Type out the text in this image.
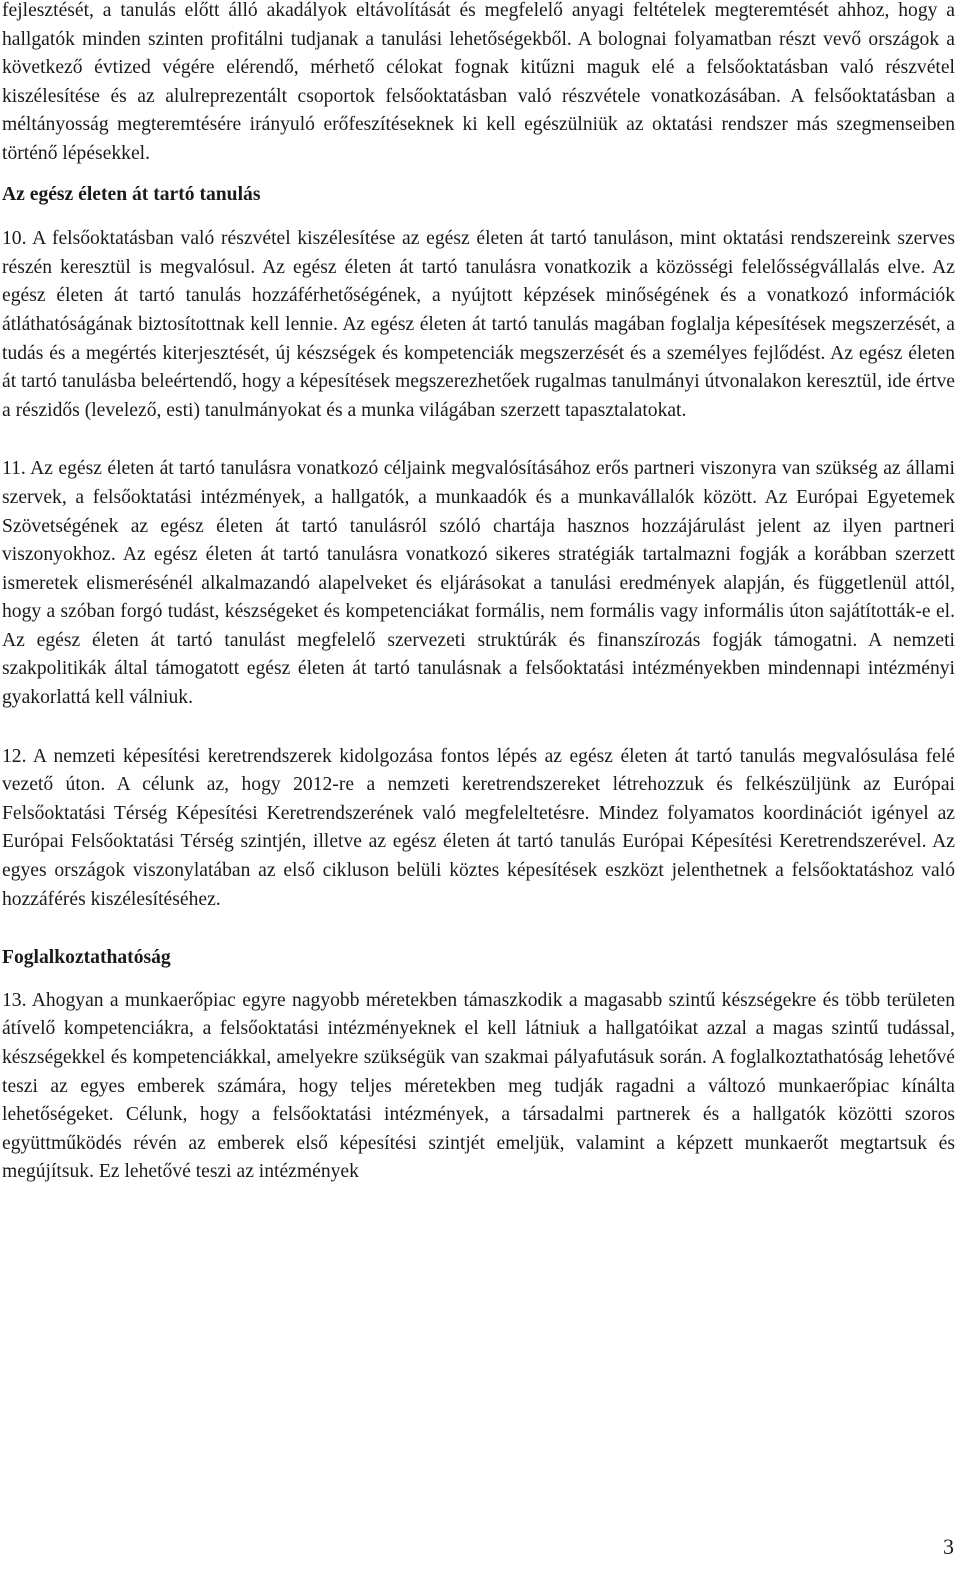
fejlesztését, a tanulás előtt álló akadályok eltávolítását és megfelelő anyagi feltételek megteremtését ahhoz, hogy a hallgatók minden szinten profitálni tudjanak a tanulási lehetőségekből. A bolognai folyamatban részt vevő országok a következő évtized végére elérendő, mérhető célokat fognak kitűzni maguk elé a felsőoktatásban való részvétel kiszélesítése és az alulreprezentált csoportok felsőoktatásban való részvétele vonatkozásában. A felsőoktatásban a méltányosság megteremtésére irányuló erőfeszítéseknek ki kell egészülniük az oktatási rendszer más szegmenseiben történő lépésekkel.

Az egész életen át tartó tanulás

10. A felsőoktatásban való részvétel kiszélesítése az egész életen át tartó tanuláson, mint oktatási rendszereink szerves részén keresztül is megvalósul. Az egész életen át tartó tanulásra vonatkozik a közösségi felelősségvállalás elve. Az egész életen át tartó tanulás hozzáférhetőségének, a nyújtott képzések minőségének és a vonatkozó információk átláthatóságának biztosítottnak kell lennie. Az egész életen át tartó tanulás magában foglalja képesítések megszerzését, a tudás és a megértés kiterjesztését, új készségek és kompetenciák megszerzését és a személyes fejlődést. Az egész életen át tartó tanulásba beleértendő, hogy a képesítések megszerezhetőek rugalmas tanulmányi útvonalakon keresztül, ide értve a részidős (levelező, esti) tanulmányokat és a munka világában szerzett tapasztalatokat.

11. Az egész életen át tartó tanulásra vonatkozó céljaink megvalósításához erős partneri viszonyra van szükség az állami szervek, a felsőoktatási intézmények, a hallgatók, a munkaadók és a munkavállalók között. Az Európai Egyetemek Szövetségének az egész életen át tartó tanulásról szóló chartája hasznos hozzájárulást jelent az ilyen partneri viszonyokhoz. Az egész életen át tartó tanulásra vonatkozó sikeres stratégiák tartalmazni fogják a korábban szerzett ismeretek elismerésénél alkalmazandó alapelveket és eljárásokat a tanulási eredmények alapján, és függetlenül attól, hogy a szóban forgó tudást, készségeket és kompetenciákat formális, nem formális vagy informális úton sajátították-e el. Az egész életen át tartó tanulást megfelelő szervezeti struktúrák és finanszírozás fogják támogatni. A nemzeti szakpolitikák által támogatott egész életen át tartó tanulásnak a felsőoktatási intézményekben mindennapi intézményi gyakorlattá kell válniuk.

12. A nemzeti képesítési keretrendszerek kidolgozása fontos lépés az egész életen át tartó tanulás megvalósulása felé vezető úton. A célunk az, hogy 2012-re a nemzeti keretrendszereket létrehozzuk és felkészüljünk az Európai Felsőoktatási Térség Képesítési Keretrendszerének való megfeleltetésre. Mindez folyamatos koordinációt igényel az Európai Felsőoktatási Térség szintjén, illetve az egész életen át tartó tanulás Európai Képesítési Keretrendszerével. Az egyes országok viszonylatában az első cikluson belüli köztes képesítések eszközt jelenthetnek a felsőoktatáshoz való hozzáférés kiszélesítéséhez.

Foglalkoztathatóság

13. Ahogyan a munkaerőpiac egyre nagyobb méretekben támaszkodik a magasabb szintű készségekre és több területen átívelő kompetenciákra, a felsőoktatási intézményeknek el kell látniuk a hallgatóikat azzal a magas szintű tudással, készségekkel és kompetenciákkal, amelyekre szükségük van szakmai pályafutásuk során. A foglalkoztathatóság lehetővé teszi az egyes emberek számára, hogy teljes méretekben meg tudják ragadni a változó munkaerőpiac kínálta lehetőségeket. Célunk, hogy a felsőoktatási intézmények, a társadalmi partnerek és a hallgatók közötti szoros együttműködés révén az emberek első képesítési szintjét emeljük, valamint a képzett munkaerőt megtartsuk és megújítsuk. Ez lehetővé teszi az intézmények

3
